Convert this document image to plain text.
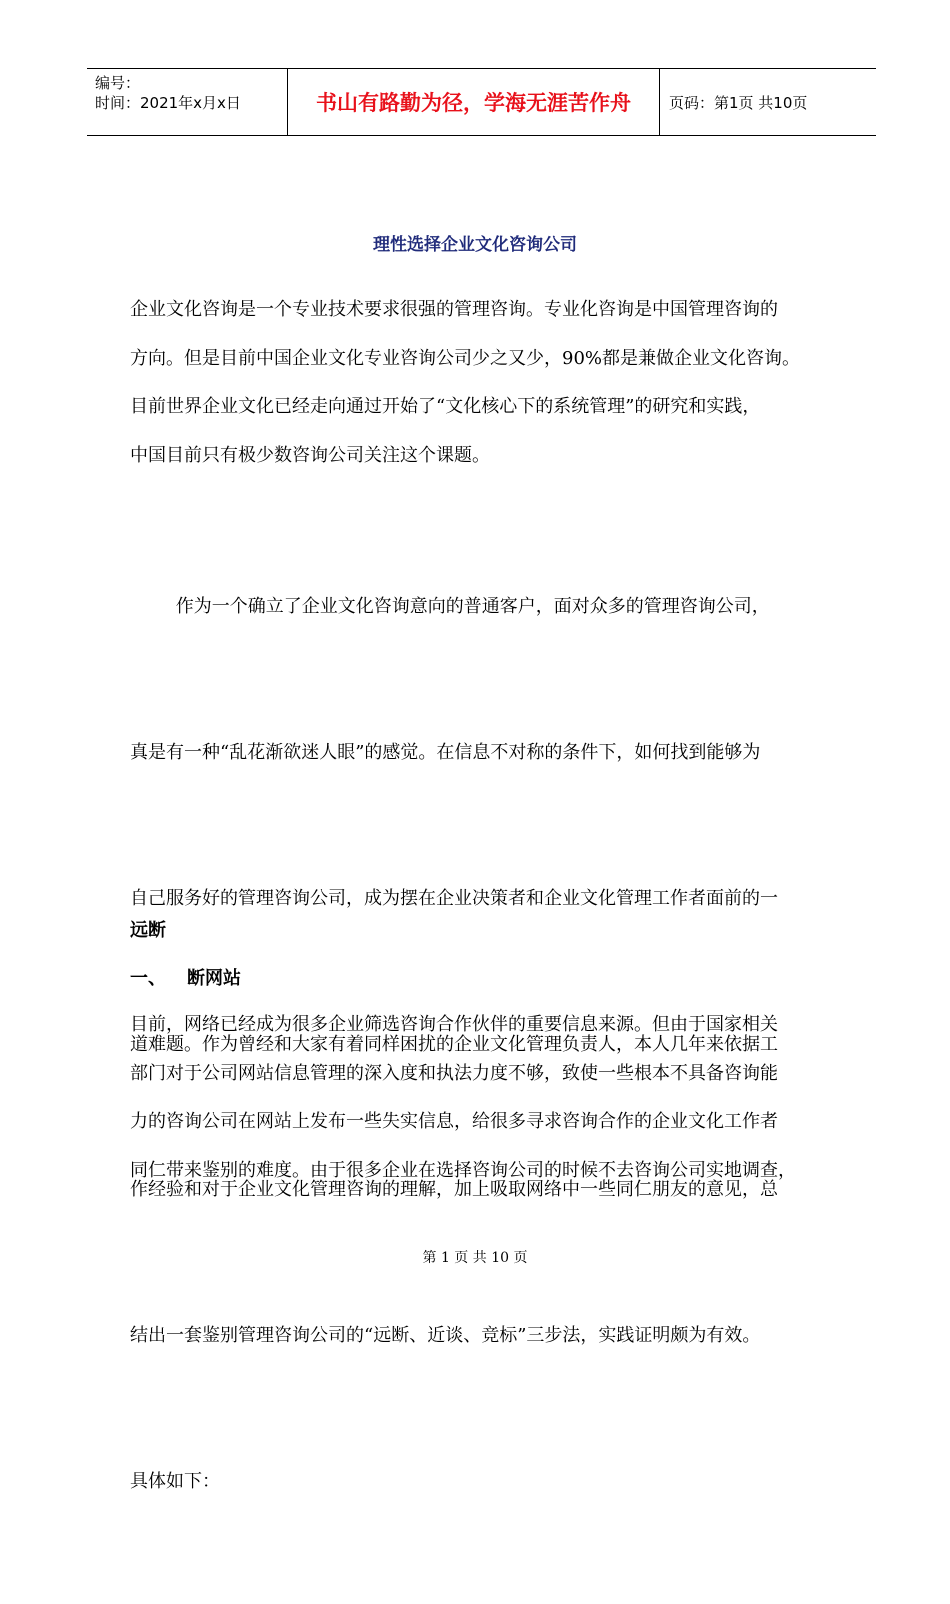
编号：
时间：2021年x月x日	书山有路勤为径，学海无涯苦作舟	页码：第1页 共10页
理性选择企业文化咨询公司
企业文化咨询是一个专业技术要求很强的管理咨询。专业化咨询是中国管理咨询的
方向。但是目前中国企业文化专业咨询公司少之又少，90%都是兼做企业文化咨询。
目前世界企业文化已经走向通过开始了“文化核心下的系统管理”的研究和实践，
中国目前只有极少数咨询公司关注这个课题。

作为一个确立了企业文化咨询意向的普通客户，面对众多的管理咨询公司，

真是有一种“乱花渐欲迷人眼”的感觉。在信息不对称的条件下，如何找到能够为

自己服务好的管理咨询公司，成为摆在企业决策者和企业文化管理工作者面前的一

道难题。作为曾经和大家有着同样困扰的企业文化管理负责人，本人几年来依据工

作经验和对于企业文化管理咨询的理解，加上吸取网络中一些同仁朋友的意见，总

结出一套鉴别管理咨询公司的“远断、近谈、竞标”三步法，实践证明颇为有效。

具体如下：

远断
一、 断网站
目前，网络已经成为很多企业筛选咨询合作伙伴的重要信息来源。但由于国家相关
部门对于公司网站信息管理的深入度和执法力度不够，致使一些根本不具备咨询能
力的咨询公司在网站上发布一些失实信息，给很多寻求咨询合作的企业文化工作者
同仁带来鉴别的难度。由于很多企业在选择咨询公司的时候不去咨询公司实地调查，
第 1 页 共 10 页
